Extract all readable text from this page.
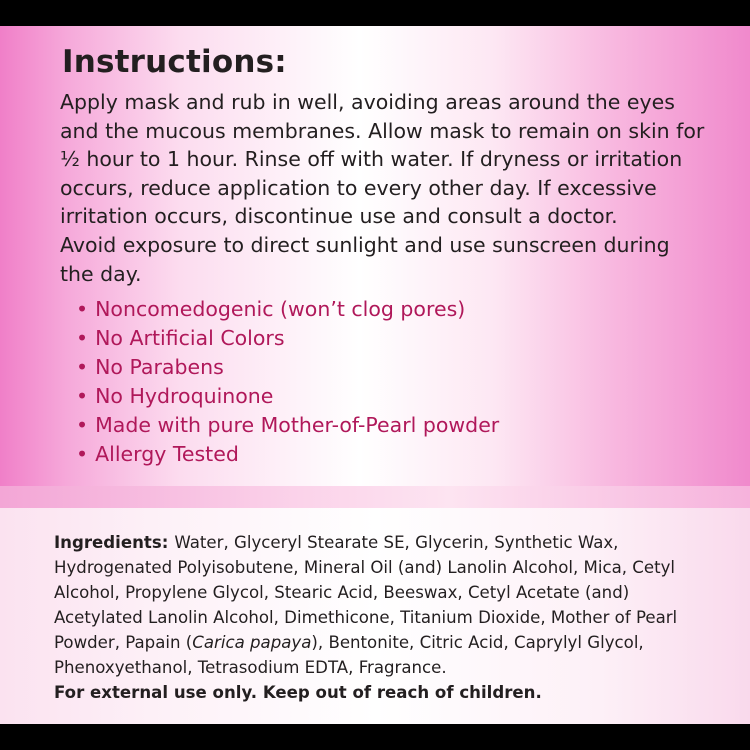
Instructions:

Apply mask and rub in well, avoiding areas around the eyes
and the mucous membranes. Allow mask to remain on skin for
½ hour to 1 hour. Rinse off with water. If dryness or irritation
occurs, reduce application to every other day. If excessive
irritation occurs, discontinue use and consult a doctor.
Avoid exposure to direct sunlight and use sunscreen during
the day.

• Noncomedogenic (won’t clog pores)
• No Artificial Colors
• No Parabens
• No Hydroquinone
• Made with pure Mother-of-Pearl powder
• Allergy Tested

Ingredients: Water, Glyceryl Stearate SE, Glycerin, Synthetic Wax,
Hydrogenated Polyisobutene, Mineral Oil (and) Lanolin Alcohol, Mica, Cetyl
Alcohol, Propylene Glycol, Stearic Acid, Beeswax, Cetyl Acetate (and)
Acetylated Lanolin Alcohol, Dimethicone, Titanium Dioxide, Mother of Pearl
Powder, Papain (Carica papaya), Bentonite, Citric Acid, Caprylyl Glycol,
Phenoxyethanol, Tetrasodium EDTA, Fragrance.

For external use only. Keep out of reach of children.
